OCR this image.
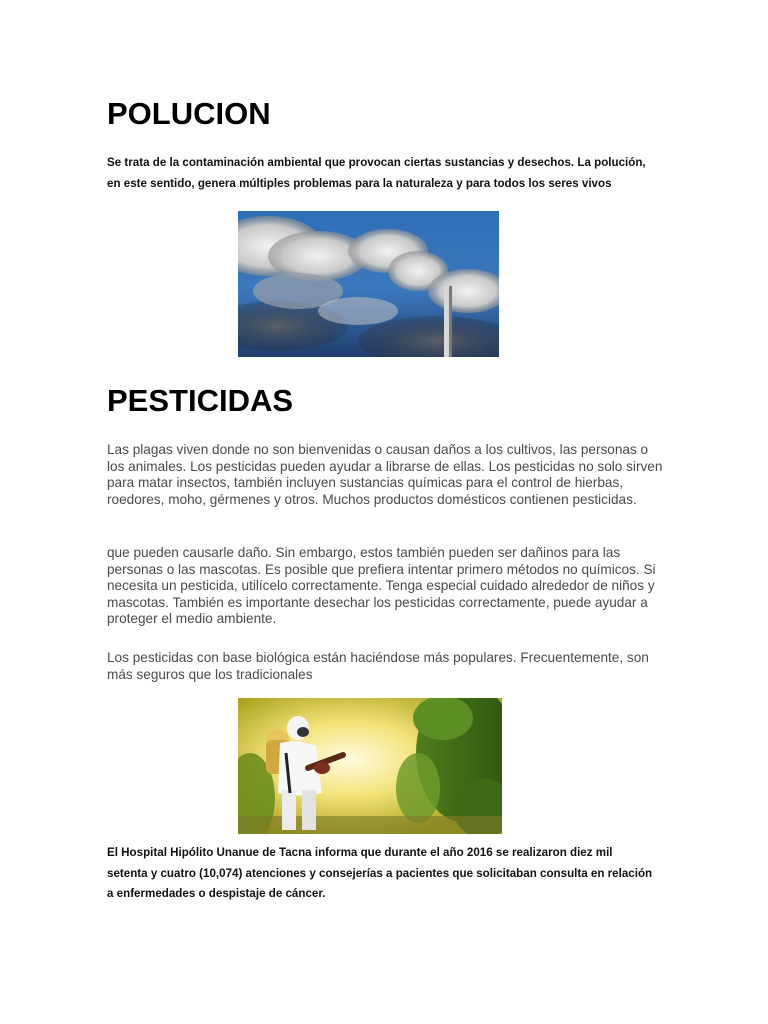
POLUCION

Se trata de la contaminación ambiental que provocan ciertas sustancias y desechos. La polución,
en este sentido, genera múltiples problemas para la naturaleza y para todos los seres vivos

PESTICIDAS

Las plagas viven donde no son bienvenidas o causan daños a los cultivos, las personas o los animales. Los pesticidas pueden ayudar a librarse de ellas. Los pesticidas no solo sirven para matar insectos, también incluyen sustancias químicas para el control de hierbas, roedores, moho, gérmenes y otros. Muchos productos domésticos contienen pesticidas.

que pueden causarle daño. Sin embargo, estos también pueden ser dañinos para las personas o las mascotas. Es posible que prefiera intentar primero métodos no químicos. Si necesita un pesticida, utilícelo correctamente. Tenga especial cuidado alrededor de niños y mascotas. También es importante desechar los pesticidas correctamente, puede ayudar a proteger el medio ambiente.

Los pesticidas con base biológica están haciéndose más populares. Frecuentemente, son más seguros que los tradicionales

El Hospital Hipólito Unanue de Tacna informa que durante el año 2016 se realizaron diez mil
setenta y cuatro (10,074) atenciones y consejerías a pacientes que solicitaban consulta en relación
a enfermedades o despistaje de cáncer.
